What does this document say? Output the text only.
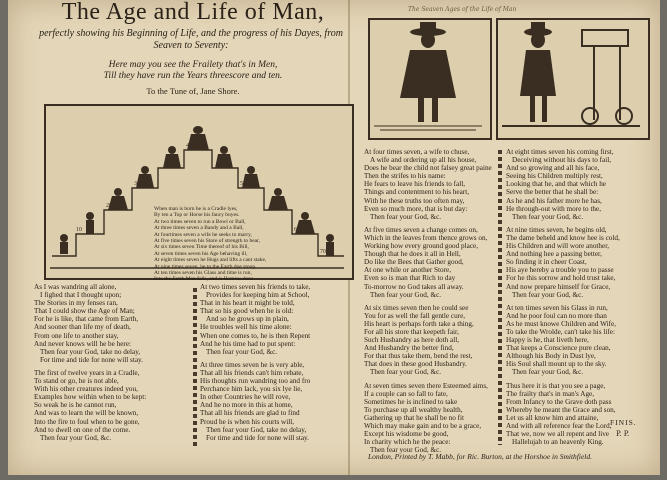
The Age and Life of Man,
perfectly showing his Beginning of Life, and the progress of his Dayes, from Seaven to Seventy:
Here may you see the Frailety that's in Men,
Till they have run the Years threescore and ten.
To the Tune of, Jane Shore.
10
20
30
40
50
60
70
When man is born he is a Cradle lyes,
By ten a Top or Horse his fancy buyes.
At two times seven to run a Bowl or Ball,
At three times seven a Bandy and a Ball,
At fourtimes seven a wife he seeks to marry,
At five times seven his Store of strength to bear,
At six times seven Time thereof of his Bill,
At seven times seven his Age behaving ill,
At eight times seven he Hugs and lifts a cant stake,
At nine times seven, he to the Earth doe stoop,
At ten times seven his Glass and time is run,
Into the Earth Man falls, and is Hernow done.
As I was wandring all alone,
I fighed that I thought upon;
The Stories in my fenses ran,
That I could show the Age of Man;
For he is like, that came from Earth,
And sooner than life my of death,
From one life to another stay,
And never knows will he be here:
Then fear your God, take no delay,
For time and tide for none will stay.
The first of twelve years in a Cradle,
To stand or go, he is not able,
With his other creatures indeed you,
Examples how within when to be kept:
So weak he is he cannot run,
And was to learn the will be known,
Into the fire to foul when to be gone,
And to dwell on one of the come.
Then fear your God, &c.
At two times seven his friends to take,
Provides for keeping him at School,
That in his heart it might be told,
That so his good when he is old:
And so he grows up in plain,
He troubles well his time alone:
When one comes to, he is then Repent
And he his time had to put spent:
Then fear your God, &c.
At three times seven he is very able,
That all his friends can't him rebate,
His thoughts run wandring too and fro
Perchance him lack, you six lye lie,
In other Countries he will rove,
And he no more in this at home,
That all his friends are glad to find
Proud he is when his courts will,
Then fear your God, take no delay,
For time and tide for none will stay.
The Seaven Ages of the Life of Man
At four times seven, a wife to chuse,
A wife and ordering up all his house,
Does he bear the child not falsey great paine
Then the strifes to his name:
He fears to leave his friends to fall,
Things and contentment to his heart,
With he these truths too often may,
Even so much more, that is but day:
Then fear your God, &c.
At five times seven a change comes on,
Which in the leaves from thence grows on,
Working how every ground good place,
Though that he does it all in Hell,
Do like the Bees that Gather good,
At one while or another Store,
Even so is man that Rich to day
To-morrow no God takes all away.
Then fear your God, &c.
At six times seven then he could see
You for as well the fall gentle cure,
His heart is perhaps forth take a thing,
For all his store that keepeth fair,
Such Husbandry as here doth all,
And Husbandry the better find,
For that thus take them, bend the rest,
That does in these good Husbandry.
Then fear your God, &c.
At seven times seven there Esteemed aims,
If a couple can so fall to fate,
Sometimes he is inclined to take
To purchase up all wealthy health,
Gathering up that he shall be no fit
Which may make gain and to be a grace,
Except his wisdome be good,
In charity which he the peace:
Then fear your God, &c.
At eight times seven his coming first,
Deceiving without his days to fail,
And so growing and all his face,
Seeing his Children multiply rest,
Looking that he, and that which he
Serve the better that he shall be:
As he and his father more he has,
He through-out with more to the,
Then fear your God, &c.
At nine times seven, he begins old,
The dame beheld and know hee is cold,
His Children and will wore another,
And nothing hee a passing better,
So finding it in cheer Coast,
His aye hereby a trouble you to passe
For he this sorrow and hold trust take,
And now prepare himself for Grace,
Then fear your God, &c.
At ten times seven his Glass in run,
And he poor foul can no more than
As he must knowe Children and Wife,
To take the Wrolde, can't take his life:
Happy is he, that liveth here,
That keeps a Conscience pure clean,
Although his Body in Dust lye,
His Soul shall mount up to the sky.
Then fear your God, &c.
Thus here it is that you see a page,
The frailty that's in man's Age,
From Infancy to the Grave doth pass
Whereby he meant the Grace and son,
Let us all know him and attaine,
And with all reference fear the Lord,
That we, now we all repent and live
Hallelujah to an heavenly King.
FINIS.
P. P.
London, Printed by T. Mabb, for Ric. Burton, at the Horshoe in Smithfield.
